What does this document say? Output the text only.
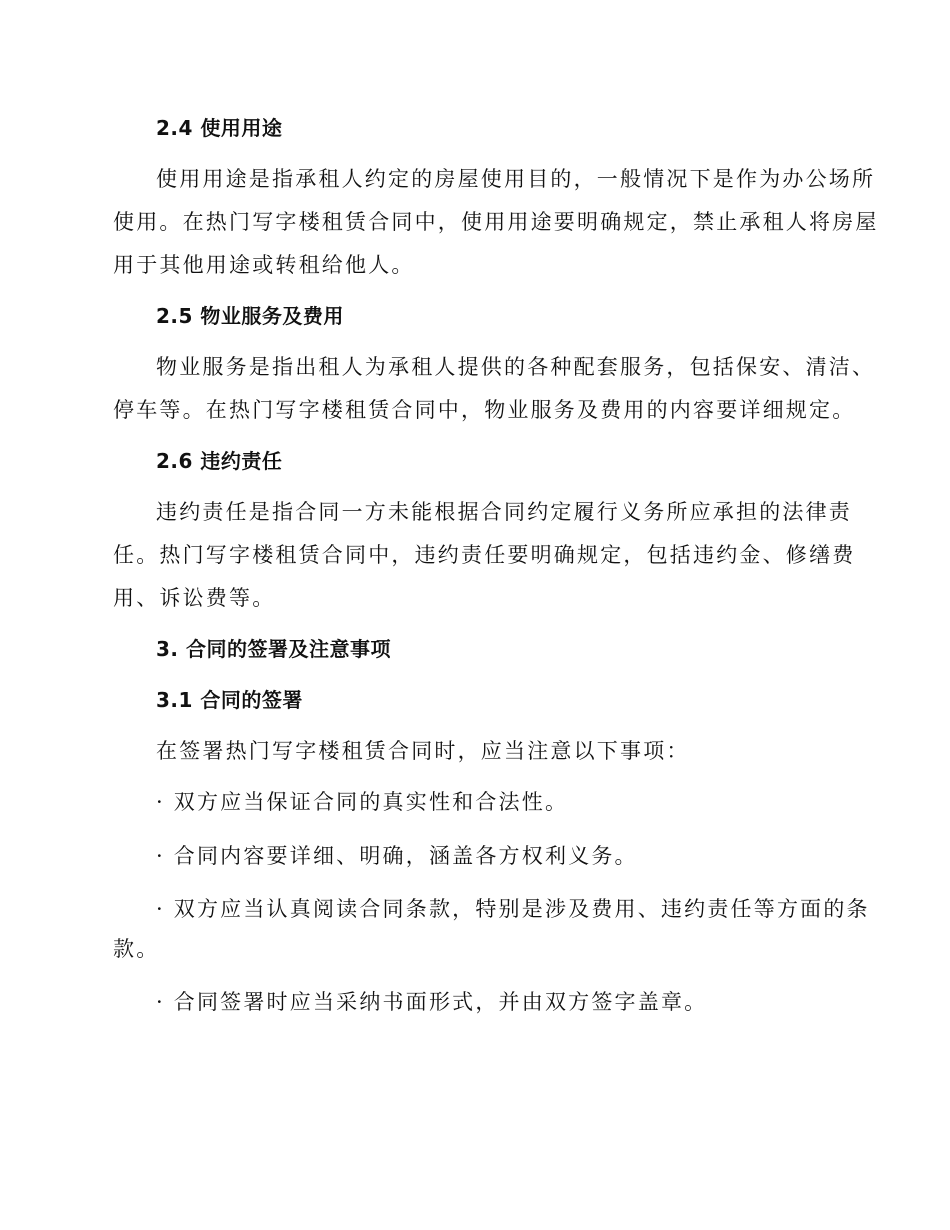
2.4 使用用途

使用用途是指承租人约定的房屋使用目的，一般情况下是作为办公场所

使用。在热门写字楼租赁合同中，使用用途要明确规定，禁止承租人将房屋

用于其他用途或转租给他人。

2.5 物业服务及费用

物业服务是指出租人为承租人提供的各种配套服务，包括保安、清洁、

停车等。在热门写字楼租赁合同中，物业服务及费用的内容要详细规定。

2.6 违约责任

违约责任是指合同一方未能根据合同约定履行义务所应承担的法律责

任。热门写字楼租赁合同中，违约责任要明确规定，包括违约金、修缮费

用、诉讼费等。

3. 合同的签署及注意事项

3.1 合同的签署

在签署热门写字楼租赁合同时，应当注意以下事项：

· 双方应当保证合同的真实性和合法性。

· 合同内容要详细、明确，涵盖各方权利义务。

· 双方应当认真阅读合同条款，特别是涉及费用、违约责任等方面的条

款。

· 合同签署时应当采纳书面形式，并由双方签字盖章。
